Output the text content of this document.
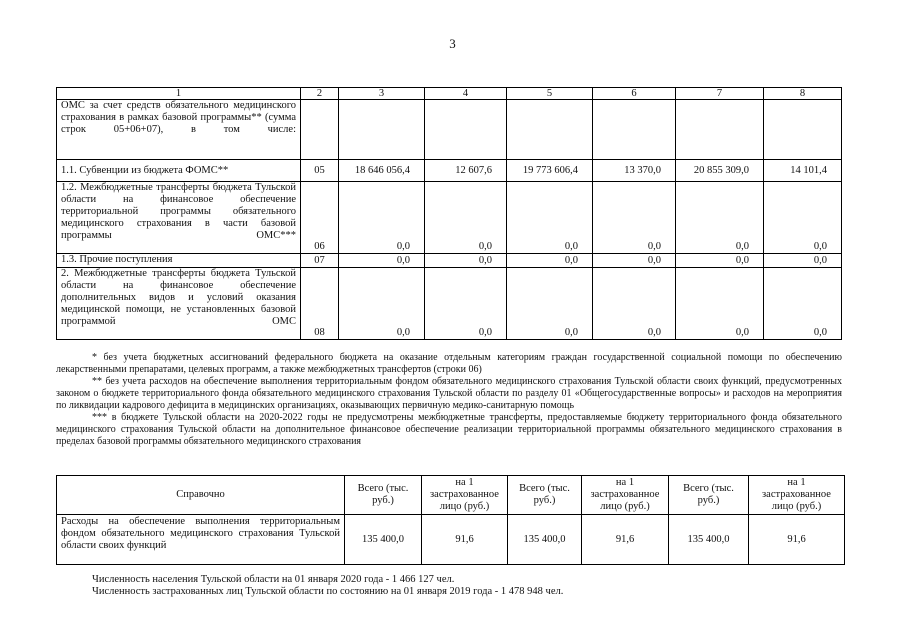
3
1	2	3	4	5	6	7	8
ОМС за счет средств обязательного медицинского страхования в рамках базовой программы** (сумма строк 05+06+07), в том числе:							
1.1. Субвенции из бюджета ФОМС**	05	18 646 056,4	12 607,6	19 773 606,4	13 370,0	20 855 309,0	14 101,4
1.2. Межбюджетные трансферты бюджета Тульской области на финансовое обеспечение территориальной программы обязательного медицинского страхования в части базовой программы ОМС***	06	0,0	0,0	0,0	0,0	0,0	0,0
1.3. Прочие поступления	07	0,0	0,0	0,0	0,0	0,0	0,0
2. Межбюджетные трансферты бюджета Тульской области на финансовое обеспечение дополнительных видов и условий оказания медицинской помощи, не установленных базовой программой ОМС	08	0,0	0,0	0,0	0,0	0,0	0,0

* без учета бюджетных ассигнований федерального бюджета на оказание отдельным категориям граждан государственной социальной помощи по обеспечению лекарственными препаратами, целевых программ, а также межбюджетных трансфертов (строки 06)

** без учета расходов на обеспечение выполнения территориальным фондом обязательного медицинского страхования Тульской области своих функций, предусмотренных законом о бюджете территориального фонда обязательного медицинского страхования Тульской области по разделу 01 «Общегосударственные вопросы» и расходов на мероприятия по ликвидации кадрового дефицита в медицинских организациях, оказывающих первичную медико-санитарную помощь

*** в бюджете Тульской области на 2020-2022 годы не предусмотрены межбюджетные трансферты, предоставляемые бюджету территориального фонда обязательного медицинского страхования Тульской области на дополнительное финансовое обеспечение реализации территориальной программы обязательного медицинского страхования в пределах базовой программы обязательного медицинского страхования

Справочно	Всего (тыс. руб.)	на 1 застрахованное лицо (руб.)	Всего (тыс. руб.)	на 1 застрахованное лицо (руб.)	Всего (тыс. руб.)	на 1 застрахованное лицо (руб.)
Расходы на обеспечение выполнения территориальным фондом обязательного медицинского страхования Тульской области своих функций	135 400,0	91,6	135 400,0	91,6	135 400,0	91,6
Численность населения Тульской области на 01 января 2020 года - 1 466 127 чел.
Численность застрахованных лиц Тульской области по состоянию на 01 января 2019 года - 1 478 948 чел.
